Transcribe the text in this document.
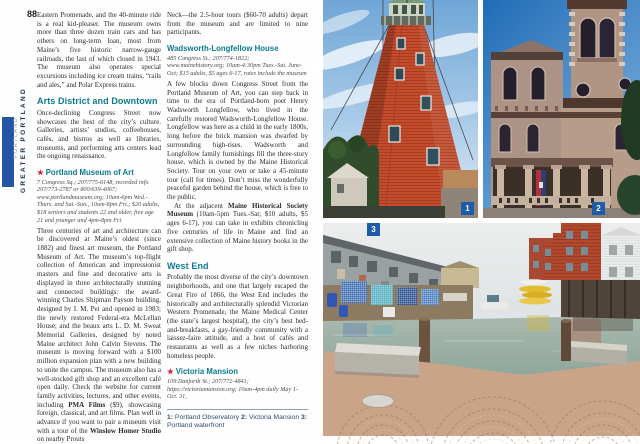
88
GREATER PORTLAND
PORTLAND

Eastern Promenade, and the 40-minute ride is a real kid-pleaser. The museum owns more than three dozen train cars and has others on long-term loan, most from Maine’s five historic narrow-gauge railroads, the last of which closed in 1943. The museum also operates special excursions including ice cream trains, “rails and ales,” and Polar Express trains.

Arts District and Downtown

Once-declining Congress Street now showcases the best of the city’s culture. Galleries, artists’ studios, coffeehouses, cafés, and bistros as well as libraries, museums, and performing arts centers lead the ongoing renaissance.

★ Portland Museum of Art

7 Congress Sq.; 207/775-6148, recorded info 207/773-2787 or 800/639-4067; www.portlandmuseum.org; 10am-6pm Wed.-Thurs. and Sat.-Sun., 10am-8pm Fri.; $20 adults, $18 seniors and students 22 and older, free age 21 and younger and 4pm-8pm Fri.

Three centuries of art and architecture can be discovered at Maine’s oldest (since 1882) and finest art museum, the Portland Museum of Art. The museum’s top-flight collection of American and impressionist masters and fine and decorative arts is displayed in three architecturally stunning and connected buildings: the award-winning Charles Shipman Payson building, designed by I. M. Pei and opened in 1983; the newly restored Federal-era McLellan House; and the beaux arts L. D. M. Sweat Memorial Galleries, designed by noted Maine architect John Calvin Stevens. The museum is moving forward with a $100 million expansion plan with a new building to unite the campus. The museum also has a well-stocked gift shop and an excellent café open daily. Check the website for current family activities, lectures, and other events, including PMA Films ($9), showcasing foreign, classical, and art films. Plan well in advance if you want to pair a museum visit with a tour of the Winslow Homer Studio on nearby Prouts

Neck—the 2.5-hour tours ($60-70 adults) depart from the museum and are limited to nine participants.

Wadsworth-Longfellow House

485 Congress St.; 207/774-1822; www.mainehistory.org; 10am-4:30pm Tues.-Sat. June-Oct; $15 adults, $5 ages 6-17, rates include the museum

A few blocks down Congress Street from the Portland Museum of Art, you can step back in time to the era of Portland-born poet Henry Wadsworth Longfellow, who lived in the carefully restored Wadsworth-Longfellow House. Longfellow was here as a child in the early 1800s, long before the brick mansion was dwarfed by surrounding high-rises. Wadsworth and Longfellow family furnishings fill the three-story house, which is owned by the Maine Historical Society. Tour on your own or take a 45-minute tour (call for times). Don’t miss the wonderfully peaceful garden behind the house, which is free to the public.

At the adjacent Maine Historical Society Museum (10am-5pm Tues.-Sat; $10 adults, $5 ages 6-17), you can take in exhibits chronicling five centuries of life in Maine and find an extensive collection of Maine history books in the gift shop.

West End

Probably the most diverse of the city’s downtown neighborhoods, and one that largely escaped the Great Fire of 1866, the West End includes the historically and architecturally splendid Victorian Western Promenade, the Maine Medical Center (the state’s largest hospital), the city’s best bed-and-breakfasts, a gay-friendly community with a laissez-faire attitude, and a host of cafés and restaurants as well as a few niches harboring homeless people.

★ Victoria Mansion

109 Danforth St.; 207/772-4841; https://victoriamansion.org; 10am-4pm daily May 1-Oct. 31,

1: Portland Observatory 2: Victoria Mansion 3: Portland waterfront
1	2
3
